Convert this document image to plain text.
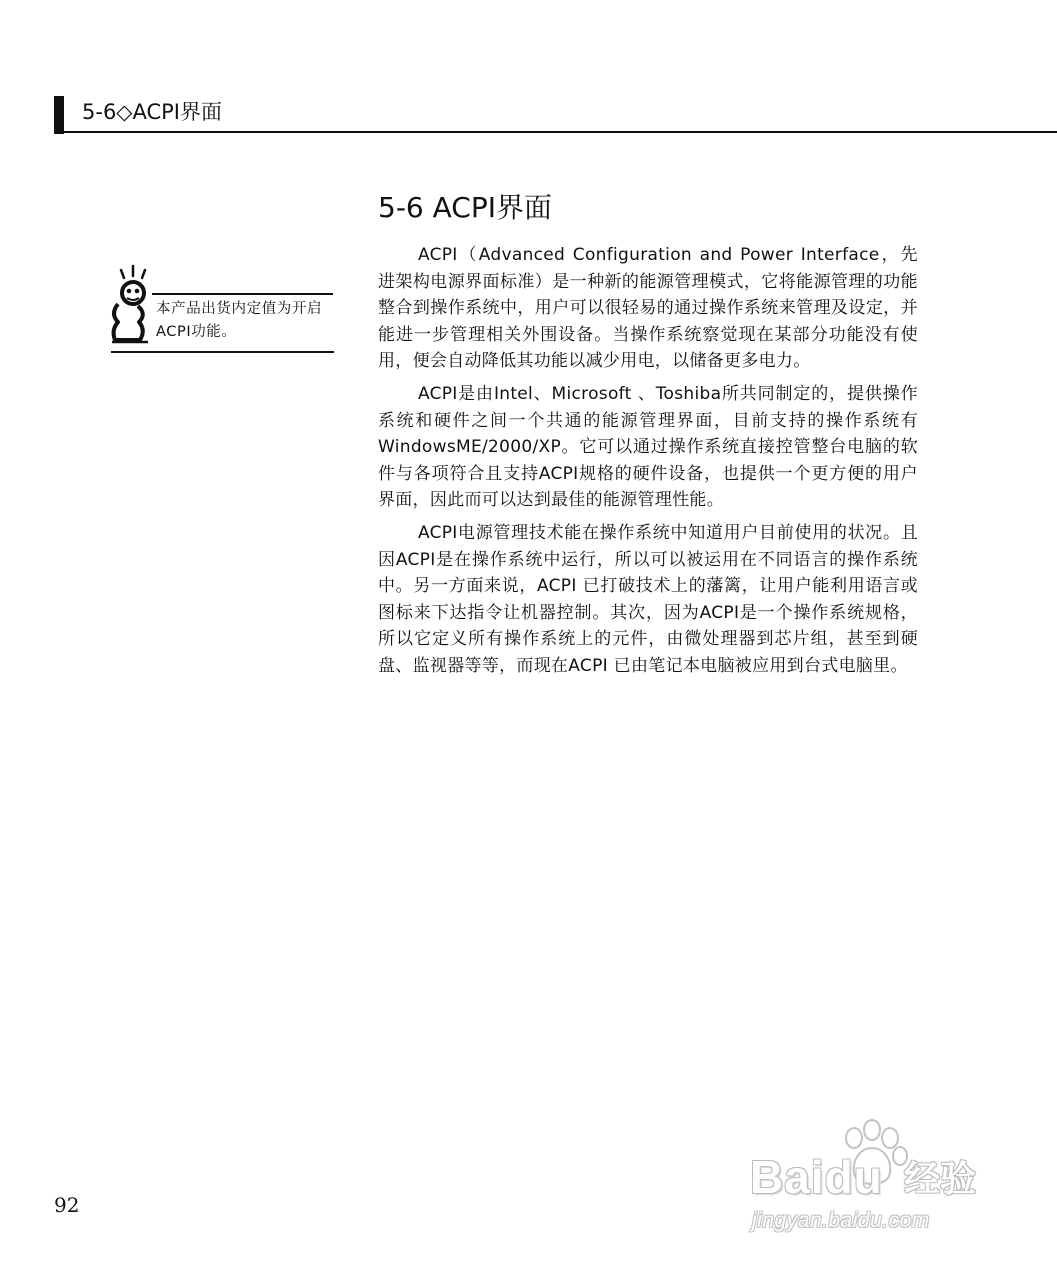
5-6◇ACPI界面
5-6 ACPI界面
本产品出货内定值为开启ACPI功能。

ACPI（Advanced Configuration and Power Interface，先进架构电源界面标准）是一种新的能源管理模式，它将能源管理的功能整合到操作系统中，用户可以很轻易的通过操作系统来管理及设定，并能进一步管理相关外围设备。当操作系统察觉现在某部分功能没有使用，便会自动降低其功能以减少用电，以储备更多电力。

ACPI是由Intel、Microsoft 、Toshiba所共同制定的，提供操作系统和硬件之间一个共通的能源管理界面，目前支持的操作系统有WindowsME/2000/XP。它可以通过操作系统直接控管整台电脑的软件与各项符合且支持ACPI规格的硬件设备，也提供一个更方便的用户界面，因此而可以达到最佳的能源管理性能。

ACPI电源管理技术能在操作系统中知道用户目前使用的状况。且因ACPI是在操作系统中运行，所以可以被运用在不同语言的操作系统中。另一方面来说，ACPI 已打破技术上的藩篱，让用户能利用语言或图标来下达指令让机器控制。其次，因为ACPI是一个操作系统规格，所以它定义所有操作系统上的元件，由微处理器到芯片组，甚至到硬盘、监视器等等，而现在ACPI 已由笔记本电脑被应用到台式电脑里。

92
Baidu 经验
jingyan.baidu.com
